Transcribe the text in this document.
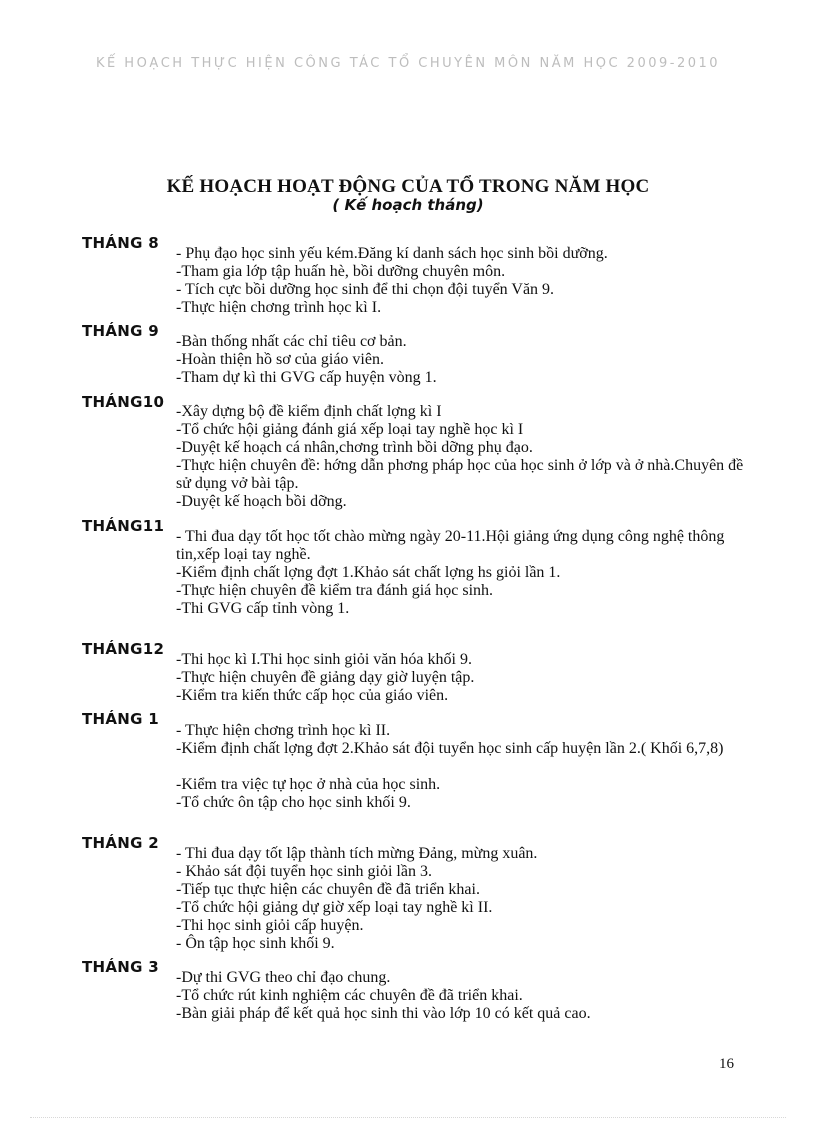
KẾ HOẠCH THỰC HIỆN CÔNG TÁC TỔ CHUYÊN MÔN NĂM HỌC 2009-2010
KẾ HOẠCH HOẠT ĐỘNG CỦA TỔ TRONG NĂM HỌC
( Kế hoạch tháng)
THÁNG 8
- Phụ đạo học sinh yếu kém.Đăng kí danh sách học sinh bồi dưỡng.
-Tham gia lớp tập huấn hè, bồi dưỡng chuyên môn.
- Tích cực bồi dưỡng học sinh để thi chọn đội tuyển Văn 9.
-Thực hiện chơng trình học kì I.
THÁNG 9
-Bàn thống nhất các chỉ tiêu cơ bản.
-Hoàn thiện hồ sơ của giáo viên.
-Tham dự kì thi GVG cấp huyện vòng 1.
THÁNG10
-Xây dựng bộ đề kiểm định chất lợng kì I
-Tổ chức hội giảng đánh giá xếp loại tay nghề học kì I
-Duyệt kế hoạch cá nhân,chơng trình bồi dỡng phụ đạo.
-Thực hiện chuyên đề: hớng dẫn phơng pháp học của học sinh ở lớp và ở nhà.Chuyên đề sử dụng vở bài tập.
-Duyệt kế hoạch bồi dỡng.
THÁNG11
- Thi đua dạy tốt học tốt chào mừng ngày 20-11.Hội giảng ứng dụng công nghệ thông tin,xếp loại tay nghề.
-Kiểm định chất lợng đợt 1.Khảo sát chất lợng hs giỏi lần 1.
-Thực hiện chuyên đề kiểm tra đánh giá học sinh.
-Thi GVG cấp tỉnh vòng 1.
THÁNG12
-Thi học kì I.Thi học sinh giỏi văn hóa khối 9.
-Thực hiện chuyên đề giảng dạy giờ luyện tập.
-Kiểm tra kiến thức cấp học của giáo viên.
THÁNG 1
- Thực hiện chơng trình học kì II.
-Kiểm định chất lợng đợt 2.Khảo sát đội tuyển học sinh cấp huyện lần 2.( Khối 6,7,8)
-Kiểm tra việc tự học ở nhà của học sinh.
-Tổ chức ôn tập cho học sinh khối 9.
THÁNG 2
- Thi đua dạy tốt lập thành tích mừng Đảng, mừng xuân.
- Khảo sát đội tuyển học sinh giỏi lần 3.
-Tiếp tục thực hiện các chuyên đề đã triển khai.
-Tổ chức hội giảng dự giờ xếp loại tay nghề kì II.
-Thi học sinh giỏi cấp huyện.
- Ôn tập học sinh khối 9.
THÁNG 3
-Dự thi GVG theo chỉ đạo chung.
-Tổ chức rút kinh nghiệm các chuyên đề đã triển khai.
-Bàn giải pháp để kết quả học sinh thi vào lớp 10 có kết quả cao.
16
